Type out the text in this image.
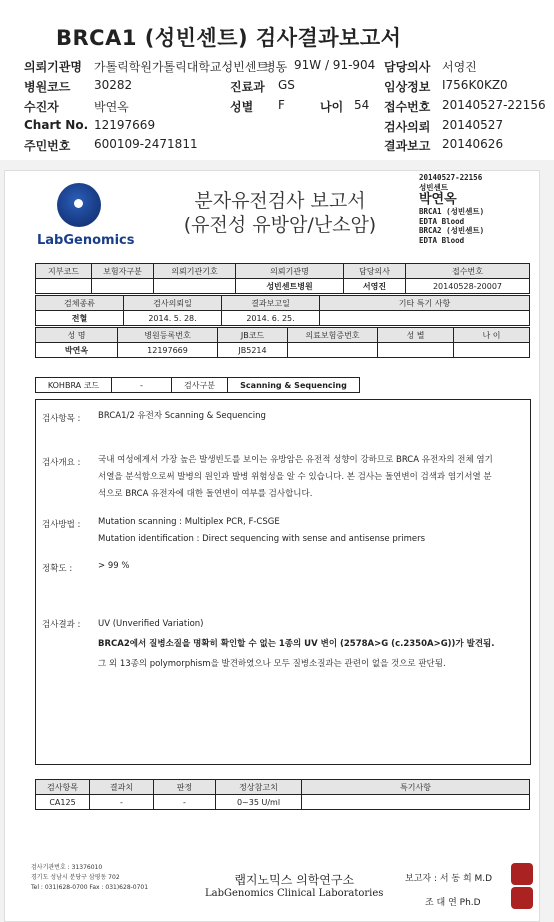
BRCA1 (성빈센트) 검사결과보고서
의뢰기관명 가톨릭학원가톨릭대학교성빈센트
병동 91W / 91-904 담당의사 서영진
병원코드 30282	진료과 GS	임상정보 I756K0KZ0
수진자	박연옥	성별 F	나이 54 접수번호 20140527-22156
Chart No. 12197669	검사의뢰 20140527
주민번호 600109-2471811	결과보고 20140626
LabGenomics
분자유전검사 보고서
(유전성 유방암/난소암)
20140527-22156
성빈센트
박연옥
BRCA1 (성빈센트)
EDTA Blood
BRCA2 (성빈센트)
EDTA Blood
지부코드	보험자구분	의뢰기관기호	의뢰기관명	담당의사	접수번호
			성빈센트병원	서영진	20140528-20007
검체종류	검사의뢰일	결과보고일	기타 특기 사항
전혈	2014. 5. 28.	2014. 6. 25.	
성 명	병원등록번호	JB코드	의료보험증번호	성 별	나 이
박연옥	12197669	JB5214			
KOHBRA 코드	-	검사구분	Scanning & Sequencing
검사항목 : BRCA1/2 유전자 Scanning & Sequencing
검사개요 : 국내 여성에게서 가장 높은 발생빈도를 보이는 유방암은 유전적 성향이 강하므로 BRCA 유전자의 전체 염기
서열을 분석함으로써 발병의 원인과 발병 위험성을 알 수 있습니다. 본 검사는 돌연변이 검색과 염기서열 분
석으로 BRCA 유전자에 대한 돌연변이 여부를 검사합니다.
검사방법 : Mutation scanning : Multiplex PCR, F-CSGE
Mutation identification : Direct sequencing with sense and antisense primers
정확도 :	> 99 %
검사결과 : UV (Unverified Variation)
BRCA2에서 질병소질을 명확히 확인할 수 없는 1종의 UV 변이 (2578A>G (c.2350A>G))가 발견됨.
그 외 13종의 polymorphism을 발견하였으나 모두 질병소질과는 관련이 없을 것으로 판단됨.
검사항목	결과치	판정	정상참고치	특기사항
CA125	-	-	0~35 U/ml	
검사기관번호 : 31376010
경기도 성남시 분당구 삼평동 702
Tel : 031)628-0700 Fax : 031)628-0701
랩지노믹스 의학연구소
LabGenomics Clinical Laboratories
보고자 : 서 동 희 M.D
조 대 연 Ph.D
